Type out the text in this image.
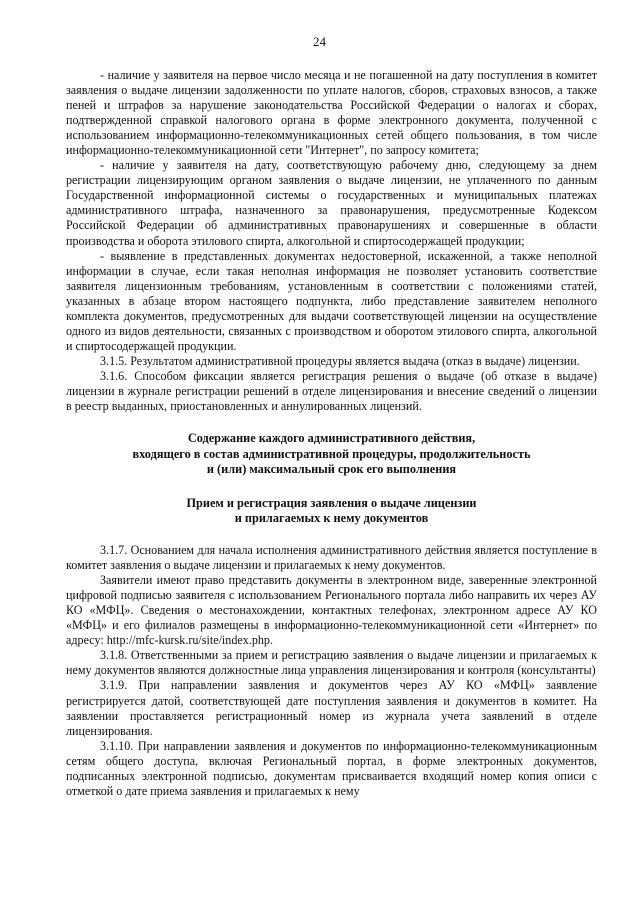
24

- наличие у заявителя на первое число месяца и не погашенной на дату поступления в комитет заявления о выдаче лицензии задолженности по уплате налогов, сборов, страховых взносов, а также пеней и штрафов за нарушение законодательства Российской Федерации о налогах и сборах, подтвержденной справкой налогового органа в форме электронного документа, полученной с использованием информационно-телекоммуникационных сетей общего пользования, в том числе информационно-телекоммуникационной сети "Интернет", по запросу комитета;

- наличие у заявителя на дату, соответствующую рабочему дню, следующему за днем регистрации лицензирующим органом заявления о выдаче лицензии, не уплаченного по данным Государственной информационной системы о государственных и муниципальных платежах административного штрафа, назначенного за правонарушения, предусмотренные Кодексом Российской Федерации об административных правонарушениях и совершенные в области производства и оборота этилового спирта, алкогольной и спиртосодержащей продукции;

- выявление в представленных документах недостоверной, искаженной, а также неполной информации в случае, если такая неполная информация не позволяет установить соответствие заявителя лицензионным требованиям, установленным в соответствии с положениями статей, указанных в абзаце втором настоящего подпункта, либо представление заявителем неполного комплекта документов, предусмотренных для выдачи соответствующей лицензии на осуществление одного из видов деятельности, связанных с производством и оборотом этилового спирта, алкогольной и спиртосодержащей продукции.

3.1.5. Результатом административной процедуры является выдача (отказ в выдаче) лицензии.

3.1.6. Способом фиксации является регистрация решения о выдаче (об отказе в выдаче) лицензии в журнале регистрации решений в отделе лицензирования и внесение сведений о лицензии в реестр выданных, приостановленных и аннулированных лицензий.

Содержание каждого административного действия,

входящего в состав административной процедуры, продолжительность

и (или) максимальный срок его выполнения

Прием и регистрация заявления о выдаче лицензии

и прилагаемых к нему документов

3.1.7. Основанием для начала исполнения административного действия является поступление в комитет заявления о выдаче лицензии и прилагаемых к нему документов.

Заявители имеют право представить документы в электронном виде, заверенные электронной цифровой подписью заявителя с использованием Регионального портала либо направить их через АУ КО «МФЦ». Сведения о местонахождении, контактных телефонах, электронном адресе АУ КО «МФЦ» и его филиалов размещены в информационно-телекоммуникационной сети «Интернет» по адресу: http://mfc-kursk.ru/site/index.php.

3.1.8. Ответственными за прием и регистрацию заявления о выдаче лицензии и прилагаемых к нему документов являются должностные лица управления лицензирования и контроля (консультанты)

3.1.9. При направлении заявления и документов через АУ КО «МФЦ» заявление регистрируется датой, соответствующей дате поступления заявления и документов в комитет. На заявлении проставляется регистрационный номер из журнала учета заявлений в отделе лицензирования.

3.1.10. При направлении заявления и документов по информационно-телекоммуникационным сетям общего доступа, включая Региональный портал, в форме электронных документов, подписанных электронной подписью, документам присваивается входящий номер копия описи с отметкой о дате приема заявления и прилагаемых к нему
